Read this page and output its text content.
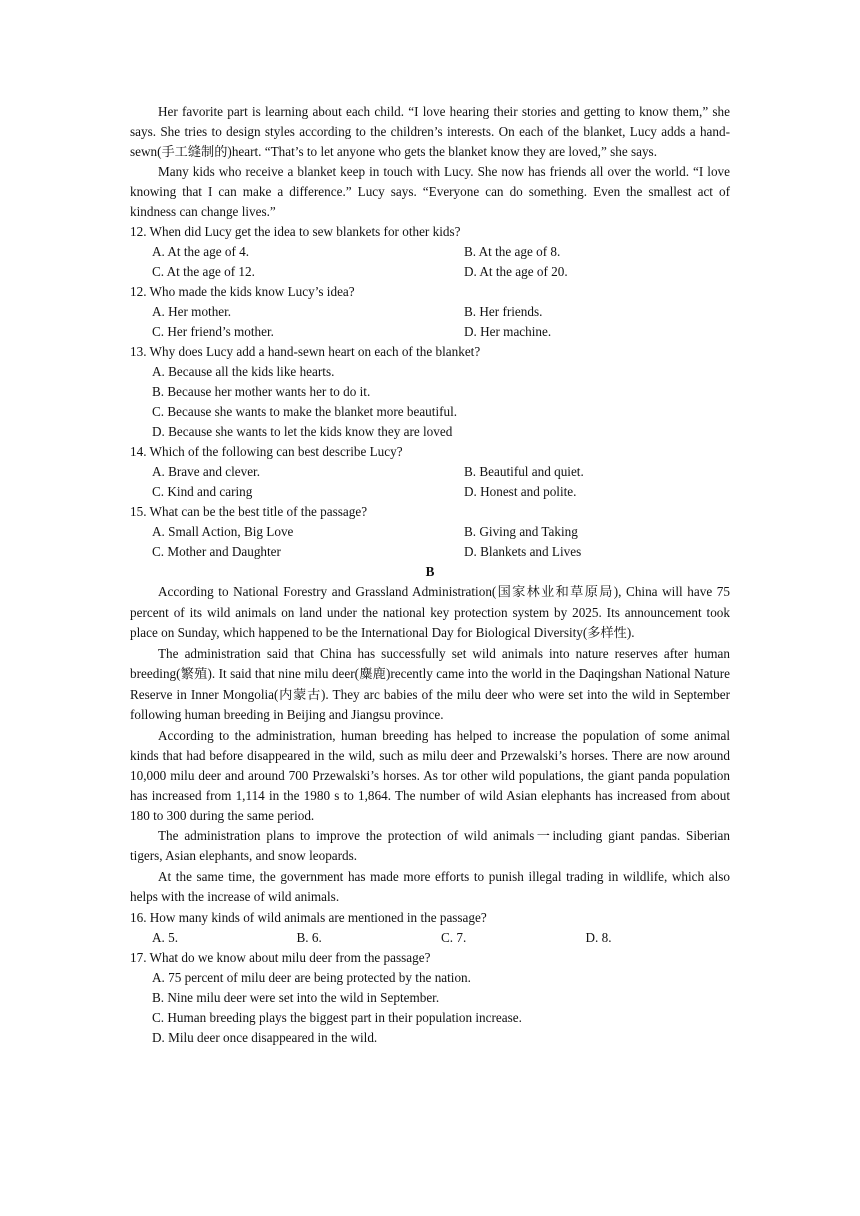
Her favorite part is learning about each child. “I love hearing their stories and getting to know them,” she says. She tries to design styles according to the children’s interests. On each of the blanket, Lucy adds a hand-sewn(手工缝制的)heart. “That’s to let anyone who gets the blanket know they are loved,” she says.

Many kids who receive a blanket keep in touch with Lucy. She now has friends all over the world. “I love knowing that I can make a difference.” Lucy says. “Everyone can do something. Even the smallest act of kindness can change lives.”

12. When did Lucy get the idea to sew blankets for other kids?

A. At the age of 4.	B. At the age of 8.
C. At the age of 12.	D. At the age of 20.

12. Who made the kids know Lucy’s idea?

A. Her mother.	B. Her friends.
C. Her friend’s mother.	D. Her machine.

13. Why does Lucy add a hand-sewn heart on each of the blanket?

A. Because all the kids like hearts.
B. Because her mother wants her to do it.
C. Because she wants to make the blanket more beautiful.
D. Because she wants to let the kids know they are loved

14. Which of the following can best describe Lucy?

A. Brave and clever.	B. Beautiful and quiet.
C. Kind and caring	D. Honest and polite.

15. What can be the best title of the passage?

A. Small Action, Big Love	B. Giving and Taking
C. Mother and Daughter	D. Blankets and Lives

B

According to National Forestry and Grassland Administration(国家林业和草原局), China will have 75 percent of its wild animals on land under the national key protection system by 2025. Its announcement took place on Sunday, which happened to be the International Day for Biological Diversity(多样性).

The administration said that China has successfully set wild animals into nature reserves after human breeding(繁殖). It said that nine milu deer(麋鹿)recently came into the world in the Daqingshan National Nature Reserve in Inner Mongolia(内蒙古). They arc babies of the milu deer who were set into the wild in September following human breeding in Beijing and Jiangsu province.

According to the administration, human breeding has helped to increase the population of some animal kinds that had before disappeared in the wild, such as milu deer and Przewalski’s horses. There are now around 10,000 milu deer and around 700 Przewalski’s horses. As tor other wild populations, the giant panda population has increased from 1,114 in the 1980 s to 1,864. The number of wild Asian elephants has increased from about 180 to 300 during the same period.

The administration plans to improve the protection of wild animals一including giant pandas. Siberian tigers, Asian elephants, and snow leopards.

At the same time, the government has made more efforts to punish illegal trading in wildlife, which also helps with the increase of wild animals.

16. How many kinds of wild animals are mentioned in the passage?

A. 5.	B. 6.	C. 7.	D. 8.

17. What do we know about milu deer from the passage?

A. 75 percent of milu deer are being protected by the nation.
B. Nine milu deer were set into the wild in September.
C. Human breeding plays the biggest part in their population increase.
D. Milu deer once disappeared in the wild.
